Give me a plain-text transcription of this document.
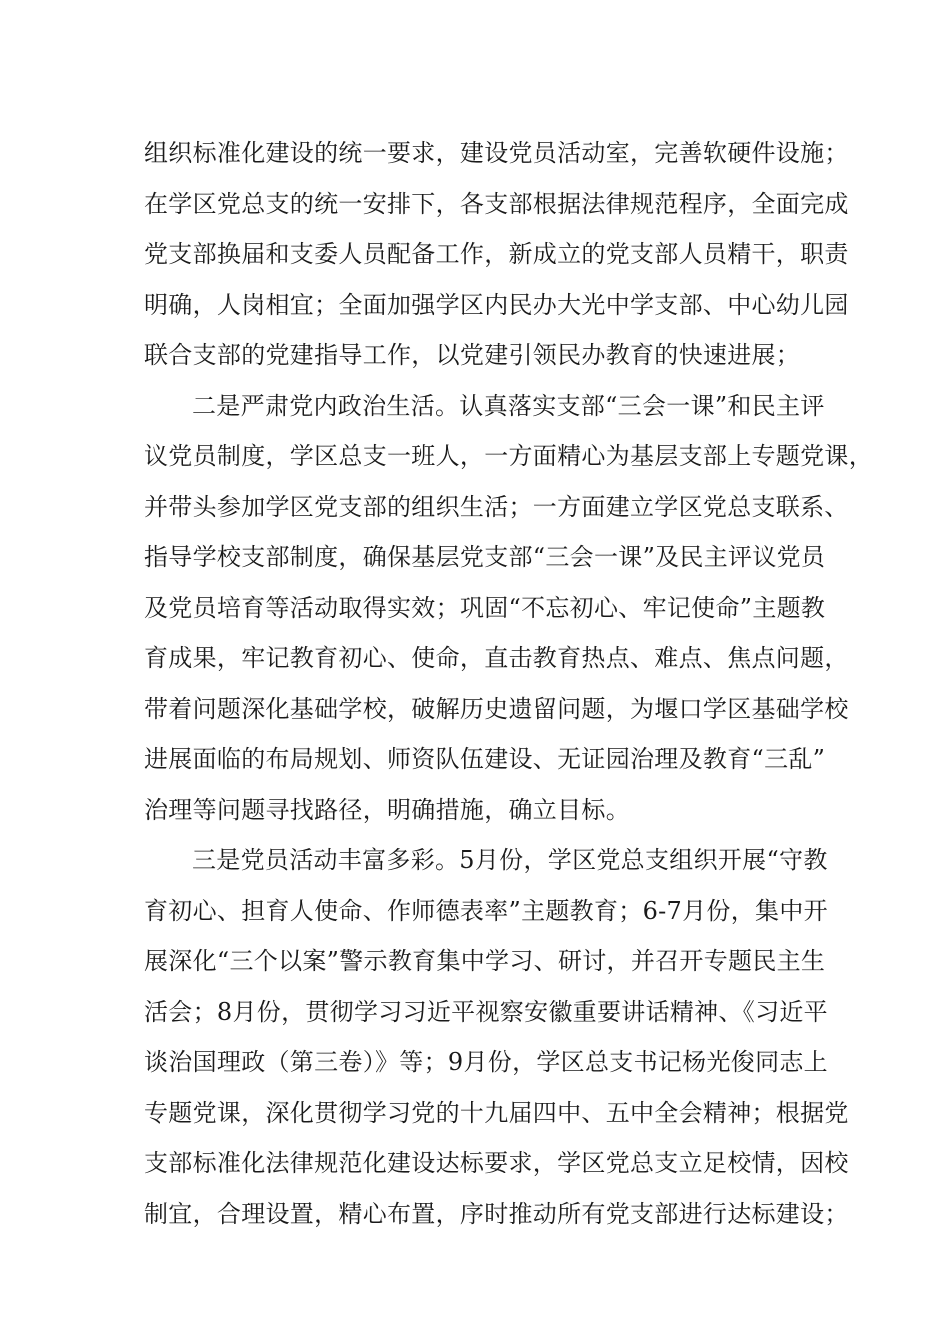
组织标准化建设的统一要求，建设党员活动室，完善软硬件设施；
在学区党总支的统一安排下，各支部根据法律规范程序，全面完成
党支部换届和支委人员配备工作，新成立的党支部人员精干，职责
明确，人岗相宜；全面加强学区内民办大光中学支部、中心幼儿园
联合支部的党建指导工作，以党建引领民办教育的快速进展；
二是严肃党内政治生活。认真落实支部“三会一课”和民主评
议党员制度，学区总支一班人，一方面精心为基层支部上专题党课，
并带头参加学区党支部的组织生活；一方面建立学区党总支联系、
指导学校支部制度，确保基层党支部“三会一课”及民主评议党员
及党员培育等活动取得实效；巩固“不忘初心、牢记使命”主题教
育成果，牢记教育初心、使命，直击教育热点、难点、焦点问题，
带着问题深化基础学校，破解历史遗留问题，为堰口学区基础学校
进展面临的布局规划、师资队伍建设、无证园治理及教育“三乱”
治理等问题寻找路径，明确措施，确立目标。
三是党员活动丰富多彩。5月份，学区党总支组织开展“守教
育初心、担育人使命、作师德表率”主题教育；6-7月份，集中开
展深化“三个以案”警示教育集中学习、研讨，并召开专题民主生
活会；8月份，贯彻学习习近平视察安徽重要讲话精神、《习近平
谈治国理政（第三卷）》等；9月份，学区总支书记杨光俊同志上
专题党课，深化贯彻学习党的十九届四中、五中全会精神；根据党
支部标准化法律规范化建设达标要求，学区党总支立足校情，因校
制宜，合理设置，精心布置，序时推动所有党支部进行达标建设；
